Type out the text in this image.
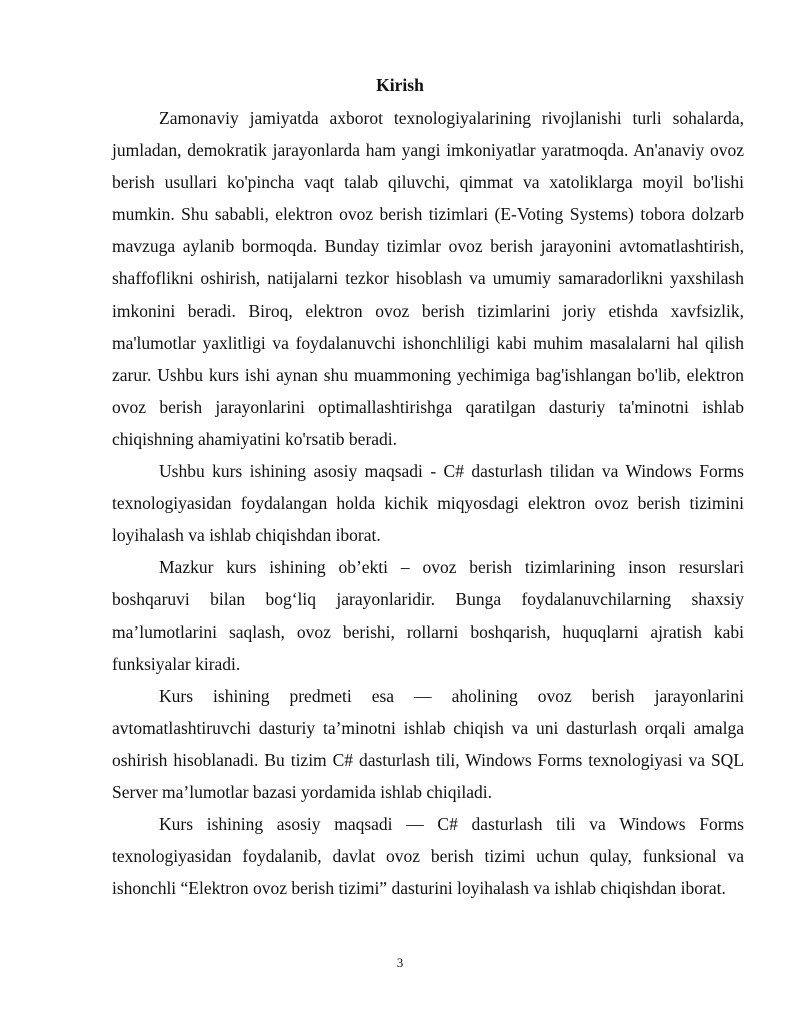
Kirish

Zamonaviy jamiyatda axborot texnologiyalarining rivojlanishi turli sohalarda, jumladan, demokratik jarayonlarda ham yangi imkoniyatlar yaratmoqda. An'anaviy ovoz berish usullari ko'pincha vaqt talab qiluvchi, qimmat va xatoliklarga moyil bo'lishi mumkin. Shu sababli, elektron ovoz berish tizimlari (E-Voting Systems) tobora dolzarb mavzuga aylanib bormoqda. Bunday tizimlar ovoz berish jarayonini avtomatlashtirish, shaffoflikni oshirish, natijalarni tezkor hisoblash va umumiy samaradorlikni yaxshilash imkonini beradi. Biroq, elektron ovoz berish tizimlarini joriy etishda xavfsizlik, ma'lumotlar yaxlitligi va foydalanuvchi ishonchliligi kabi muhim masalalarni hal qilish zarur. Ushbu kurs ishi aynan shu muammoning yechimiga bag'ishlangan bo'lib, elektron ovoz berish jarayonlarini optimallashtirishga qaratilgan dasturiy ta'minotni ishlab chiqishning ahamiyatini ko'rsatib beradi.

Ushbu kurs ishining asosiy maqsadi - C# dasturlash tilidan va Windows Forms texnologiyasidan foydalangan holda kichik miqyosdagi elektron ovoz berish tizimini loyihalash va ishlab chiqishdan iborat.

Mazkur kurs ishining ob’ekti – ovoz berish tizimlarining inson resurslari boshqaruvi bilan bog‘liq jarayonlaridir. Bunga foydalanuvchilarning shaxsiy ma’lumotlarini saqlash, ovoz berishi, rollarni boshqarish, huquqlarni ajratish kabi funksiyalar kiradi.

Kurs ishining predmeti esa — aholining ovoz berish jarayonlarini avtomatlashtiruvchi dasturiy ta’minotni ishlab chiqish va uni dasturlash orqali amalga oshirish hisoblanadi. Bu tizim C# dasturlash tili, Windows Forms texnologiyasi va SQL Server ma’lumotlar bazasi yordamida ishlab chiqiladi.

Kurs ishining asosiy maqsadi — C# dasturlash tili va Windows Forms texnologiyasidan foydalanib, davlat ovoz berish tizimi uchun qulay, funksional va ishonchli “Elektron ovoz berish tizimi” dasturini loyihalash va ishlab chiqishdan iborat.

3
